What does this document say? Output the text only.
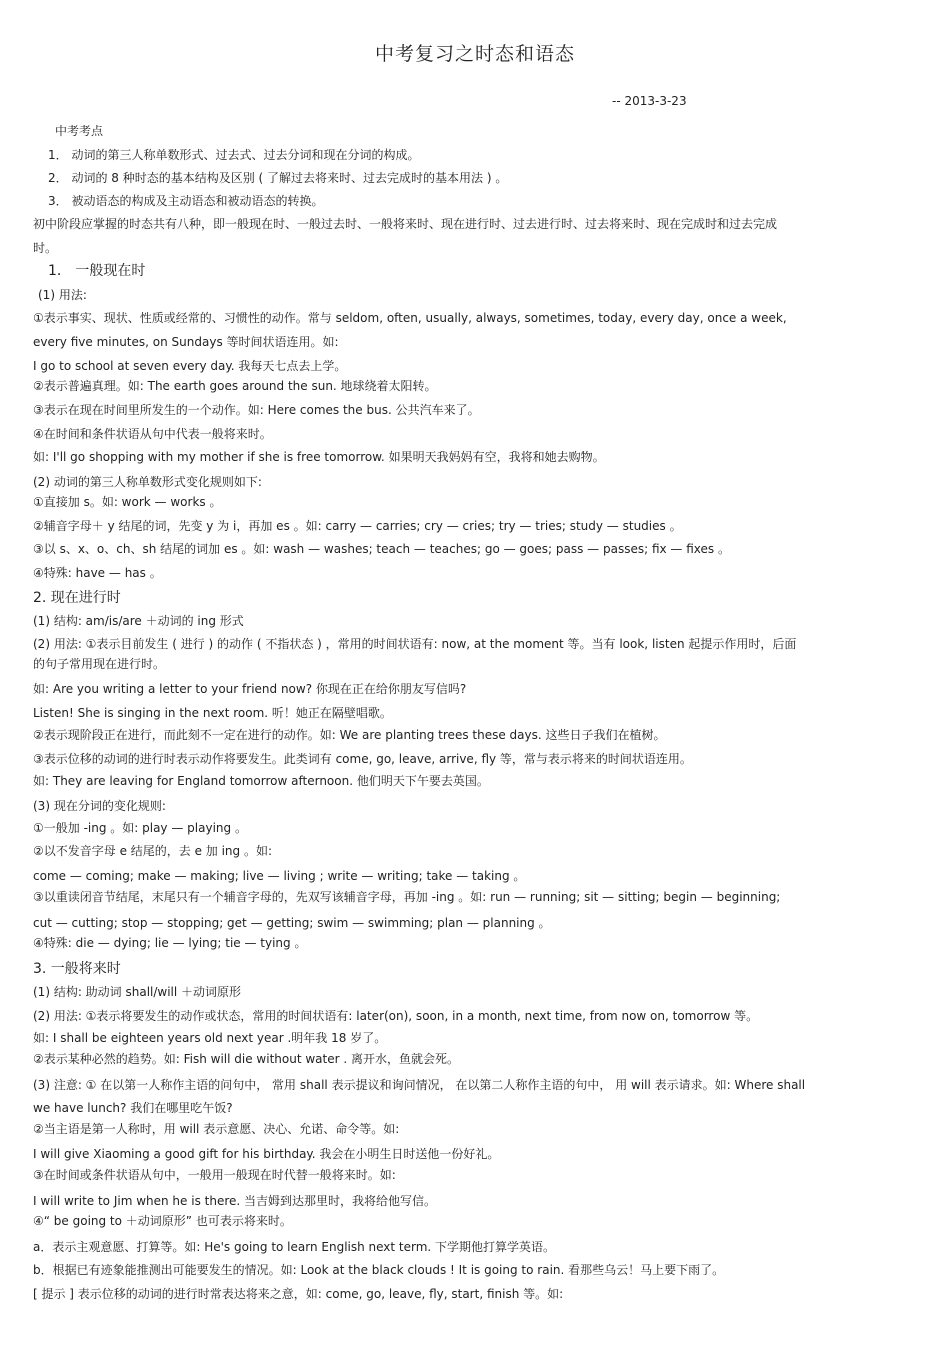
中考复习之时态和语态
-- 2013-3-23
中考考点
1． 动词的第三人称单数形式、过去式、过去分词和现在分词的构成。
2． 动词的 8 种时态的基本结构及区别 ( 了解过去将来时、过去完成时的基本用法 ) 。
3． 被动语态的构成及主动语态和被动语态的转换。
初中阶段应掌握的时态共有八种，即一般现在时、一般过去时、一般将来时、现在进行时、过去进行时、过去将来时、现在完成时和过去完成
时。
1． 一般现在时
(1) 用法:
①表示事实、现状、性质或经常的、习惯性的动作。常与 seldom, often, usually, always, sometimes, today, every day, once a week,
every five minutes, on Sundays 等时间状语连用。如:
I go to school at seven every day. 我每天七点去上学。
②表示普遍真理。如: The earth goes around the sun. 地球绕着太阳转。
③表示在现在时间里所发生的一个动作。如: Here comes the bus. 公共汽车来了。
④在时间和条件状语从句中代表一般将来时。
如: I'll go shopping with my mother if she is free tomorrow. 如果明天我妈妈有空，我将和她去购物。
(2) 动词的第三人称单数形式变化规则如下:
①直接加 s。如: work — works 。
②辅音字母＋ y 结尾的词，先变 y 为 i，再加 es 。如: carry — carries; cry — cries; try — tries; study — studies 。
③以 s、x、o、ch、sh 结尾的词加 es 。如: wash — washes; teach — teaches; go — goes; pass — passes; fix — fixes 。
④特殊: have — has 。
2. 现在进行时
(1) 结构: am/is/are ＋动词的 ing 形式
(2) 用法: ①表示目前发生 ( 进行 ) 的动作 ( 不指状态 ) ，常用的时间状语有: now, at the moment 等。当有 look, listen 起提示作用时，后面
的句子常用现在进行时。
如: Are you writing a letter to your friend now? 你现在正在给你朋友写信吗?
Listen! She is singing in the next room. 听！她正在隔壁唱歌。
②表示现阶段正在进行，而此刻不一定在进行的动作。如: We are planting trees these days. 这些日子我们在植树。
③表示位移的动词的进行时表示动作将要发生。此类词有 come, go, leave, arrive, fly 等，常与表示将来的时间状语连用。
如: They are leaving for England tomorrow afternoon. 他们明天下午要去英国。
(3) 现在分词的变化规则:
①一般加 -ing 。如: play — playing 。
②以不发音字母 e 结尾的，去 e 加 ing 。如:
come — coming; make — making; live — living ; write — writing; take — taking 。
③以重读闭音节结尾，末尾只有一个辅音字母的，先双写该辅音字母，再加 -ing 。如: run — running; sit — sitting; begin — beginning;
cut — cutting; stop — stopping; get — getting; swim — swimming; plan — planning 。
④特殊: die — dying; lie — lying; tie — tying 。
3. 一般将来时
(1) 结构: 助动词 shall/will ＋动词原形
(2) 用法: ①表示将要发生的动作或状态，常用的时间状语有: later(on), soon, in a month, next time, from now on, tomorrow 等。
如: I shall be eighteen years old next year .明年我 18 岁了。
②表示某种必然的趋势。如: Fish will die without water . 离开水，鱼就会死。
(3) 注意: ① 在以第一人称作主语的问句中， 常用 shall 表示提议和询问情况， 在以第二人称作主语的句中， 用 will 表示请求。如: Where shall
we have lunch? 我们在哪里吃午饭?
②当主语是第一人称时，用 will 表示意愿、决心、允诺、命令等。如:
I will give Xiaoming a good gift for his birthday. 我会在小明生日时送他一份好礼。
③在时间或条件状语从句中，一般用一般现在时代替一般将来时。如:
I will write to Jim when he is there. 当吉姆到达那里时，我将给他写信。
④“ be going to ＋动词原形” 也可表示将来时。
a．表示主观意愿、打算等。如: He's going to learn English next term. 下学期他打算学英语。
b．根据已有迹象能推测出可能要发生的情况。如: Look at the black clouds ! It is going to rain. 看那些乌云！马上要下雨了。
[ 提示 ] 表示位移的动词的进行时常表达将来之意，如: come, go, leave, fly, start, finish 等。如:
